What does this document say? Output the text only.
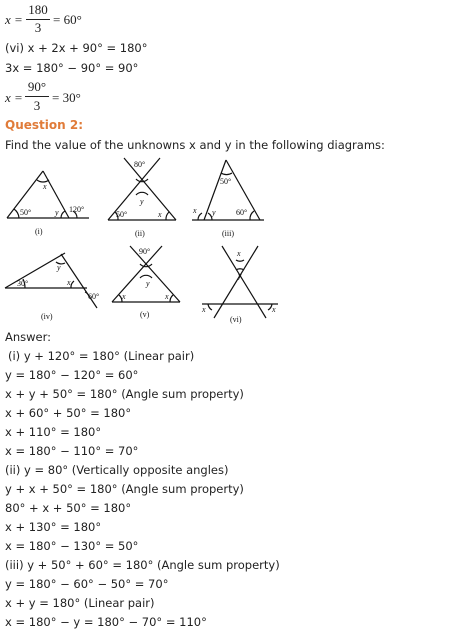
x =
180
3
= 60°
(vi) x + 2x + 90° = 180°
3x = 180° − 90° = 90°
x =
90°
3
= 30°
Question 2:
Find the value of the unknowns x and y in the following diagrams:
x
50°	y 120°
(i)
80°
y
50°	x
(ii)
50°
x y	60°
(iii)
y
30°	x
60°
(iv)
90°
y
x	x
(v)
x
y
x	x
(vi)
Answer:
(i) y + 120° = 180° (Linear pair)
y = 180° − 120° = 60°
x + y + 50° = 180° (Angle sum property)
x + 60° + 50° = 180°
x + 110° = 180°
x = 180° − 110° = 70°
(ii) y = 80° (Vertically opposite angles)
y + x + 50° = 180° (Angle sum property)
80° + x + 50° = 180°
x + 130° = 180°
x = 180° − 130° = 50°
(iii) y + 50° + 60° = 180° (Angle sum property)
y = 180° − 60° − 50° = 70°
x + y = 180° (Linear pair)
x = 180° − y = 180° − 70° = 110°
